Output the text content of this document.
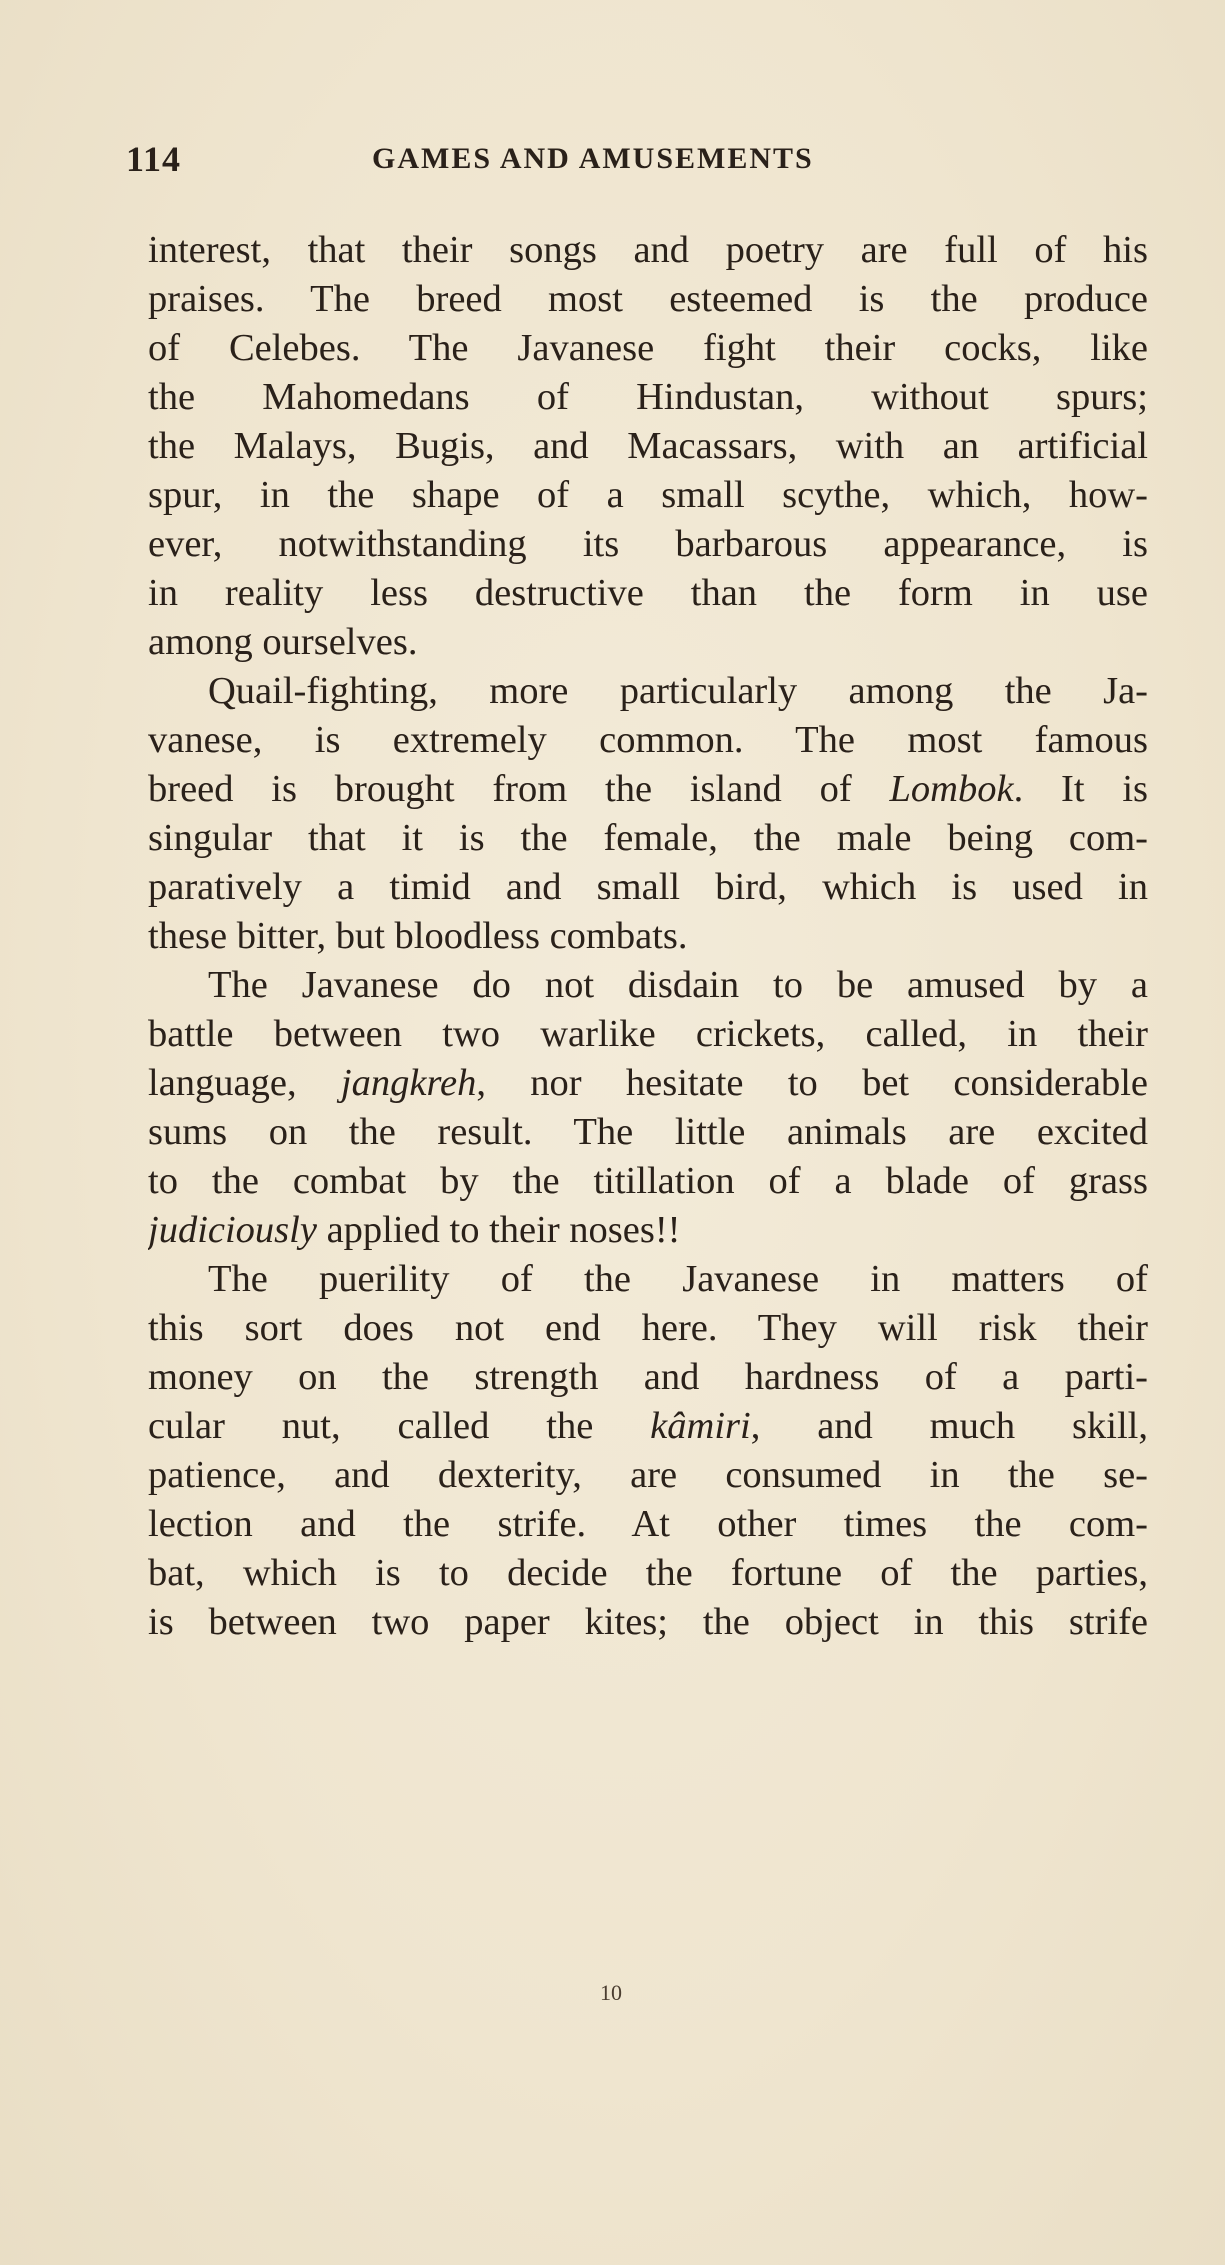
114	GAMES AND AMUSEMENTS
interest, that their songs and poetry are full of his
praises. The breed most esteemed is the produce
of Celebes. The Javanese fight their cocks, like
the Mahomedans of Hindustan, without spurs;
the Malays, Bugis, and Macassars, with an artificial
spur, in the shape of a small scythe, which, how-
ever, notwithstanding its barbarous appearance, is
in reality less destructive than the form in use
among ourselves.
Quail-fighting, more particularly among the Ja-
vanese, is extremely common. The most famous
breed is brought from the island of Lombok. It is
singular that it is the female, the male being com-
paratively a timid and small bird, which is used in
these bitter, but bloodless combats.
The Javanese do not disdain to be amused by a
battle between two warlike crickets, called, in their
language, jangkreh, nor hesitate to bet considerable
sums on the result. The little animals are excited
to the combat by the titillation of a blade of grass
judiciously applied to their noses!!
The puerility of the Javanese in matters of
this sort does not end here. They will risk their
money on the strength and hardness of a parti-
cular nut, called the kâmiri, and much skill,
patience, and dexterity, are consumed in the se-
lection and the strife. At other times the com-
bat, which is to decide the fortune of the parties,
is between two paper kites; the object in this strife
10
